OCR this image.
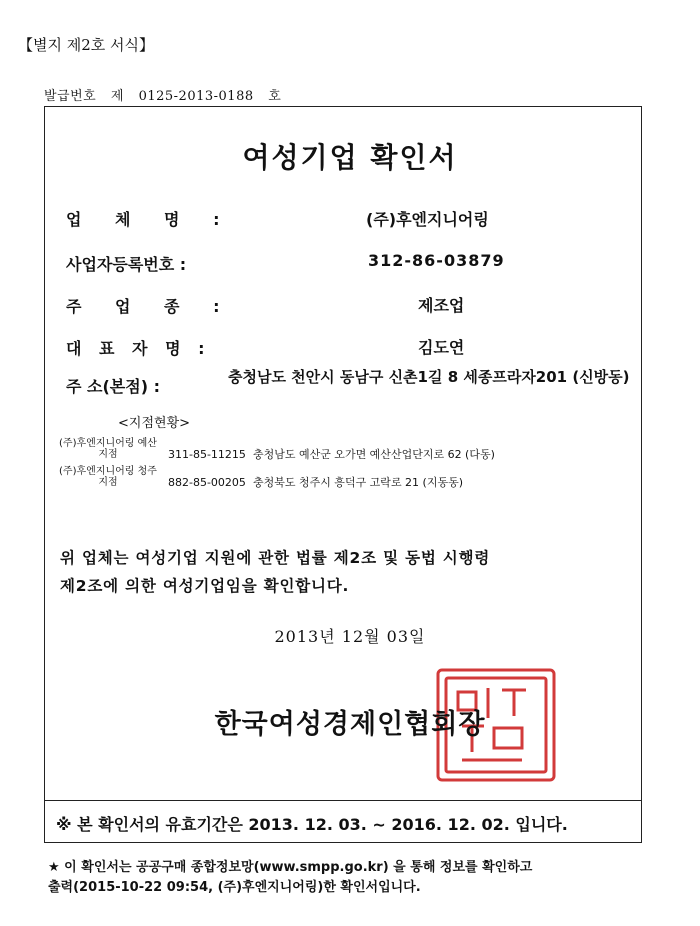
【별지 제2호 서식】
발급번호 제 0125-2013-0188 호
여성기업 확인서
업 체 명 :	(주)후엔지니어링
사업자등록번호 :	312-86-03879
주 업 종 :	제조업
대 표 자 명 :	김도연
주 소(본점) :	충청남도 천안시 동남구 신촌1길 8 세종프라자201 (신방동)
<지점현황>
(주)후엔지니어링 예산지점	311-85-11215 충청남도 예산군 오가면 예산산업단지로 62 (다동)
(주)후엔지니어링 청주지점	882-85-00205 충청북도 청주시 흥덕구 고락로 21 (지동동)
위 업체는 여성기업 지원에 관한 법률 제2조 및 동법 시행령
제2조에 의한 여성기업임을 확인합니다.
2013년 12월 03일
한국여성경제인협회장
※ 본 확인서의 유효기간은 2013. 12. 03. ~ 2016. 12. 02. 입니다.
★ 이 확인서는 공공구매 종합정보망(www.smpp.go.kr) 을 통해 정보를 확인하고
출력(2015-10-22 09:54, (주)후엔지니어링)한 확인서입니다.
